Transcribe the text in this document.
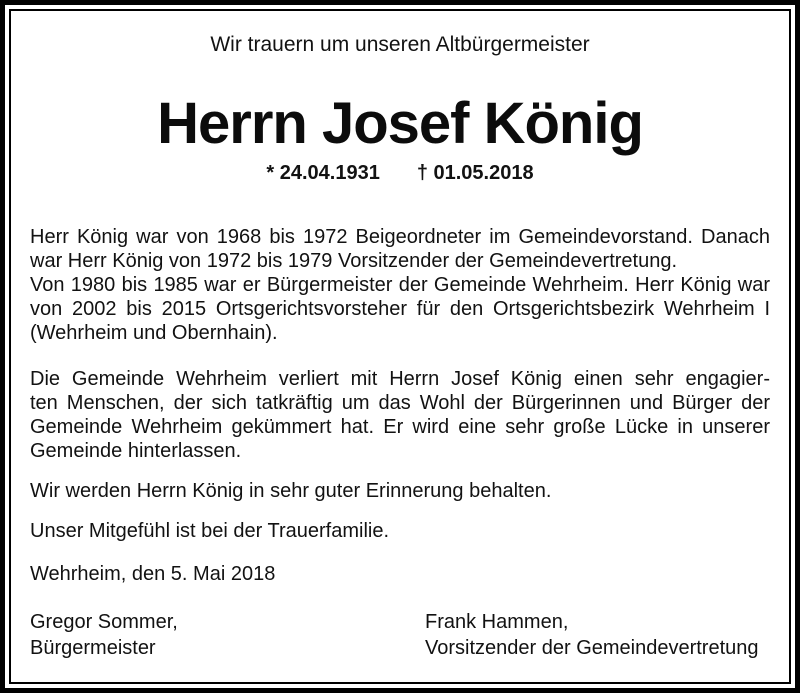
Wir trauern um unseren Altbürgermeister
Herrn Josef König
* 24.04.1931 † 01.05.2018
Herr König war von 1968 bis 1972 Beigeordneter im Gemeindevorstand. Danach
war Herr König von 1972 bis 1979 Vorsitzender der Gemeindevertretung.
Von 1980 bis 1985 war er Bürgermeister der Gemeinde Wehrheim. Herr König war
von 2002 bis 2015 Ortsgerichtsvorsteher für den Ortsgerichtsbezirk Wehrheim I
(Wehrheim und Obernhain).
Die Gemeinde Wehrheim verliert mit Herrn Josef König einen sehr engagier-
ten Menschen, der sich tatkräftig um das Wohl der Bürgerinnen und Bürger der
Gemeinde Wehrheim gekümmert hat. Er wird eine sehr große Lücke in unserer
Gemeinde hinterlassen.
Wir werden Herrn König in sehr guter Erinnerung behalten.
Unser Mitgefühl ist bei der Trauerfamilie.
Wehrheim, den 5. Mai 2018
Gregor Sommer,
Bürgermeister
Frank Hammen,
Vorsitzender der Gemeindevertretung
